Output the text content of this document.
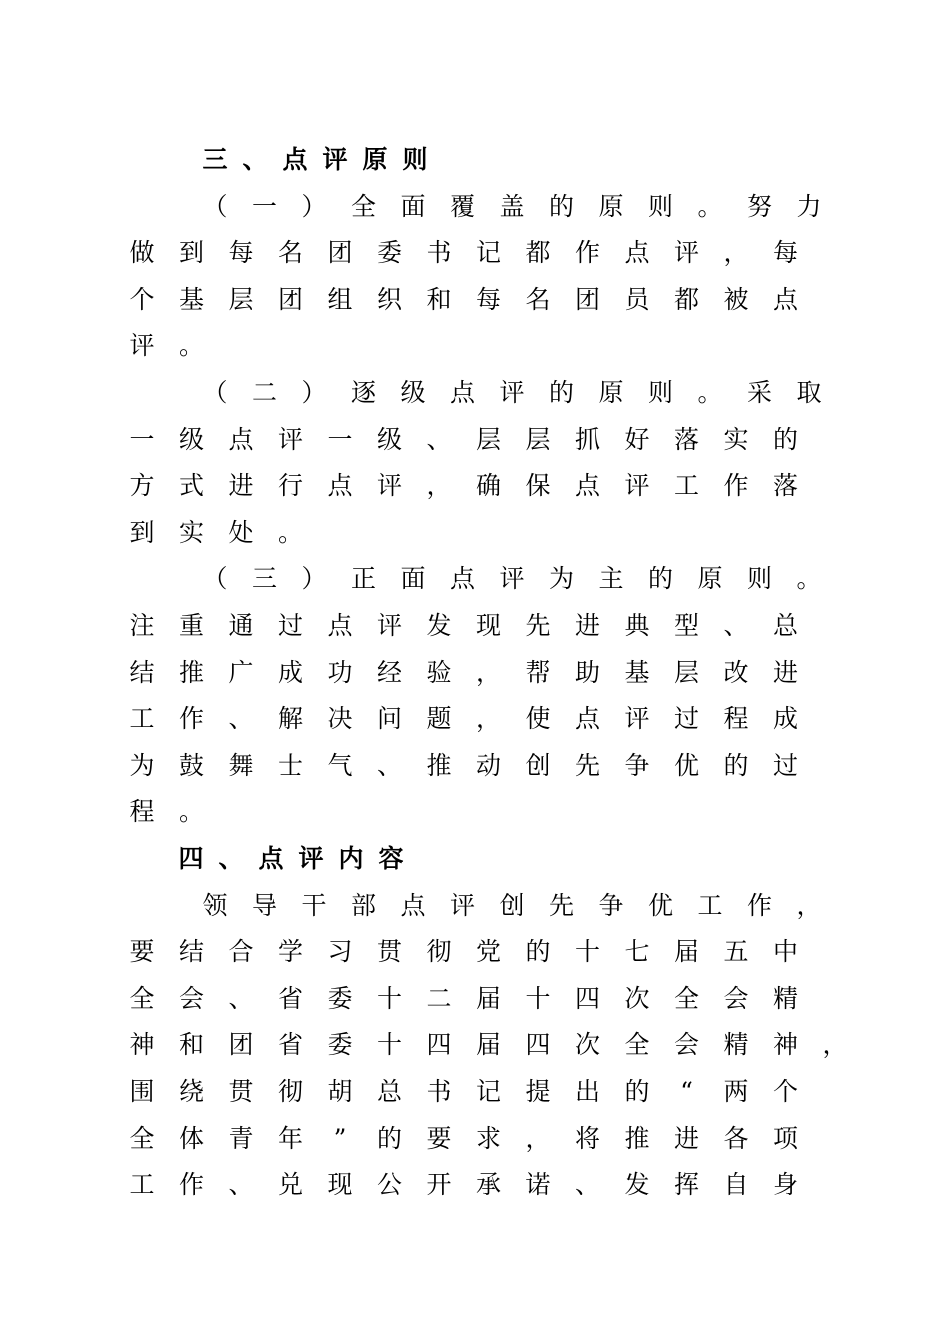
三 、 点 评 原 则
（ 一 ） 全 面 覆 盖 的 原 则 。 努 力
做 到 每 名 团 委 书 记 都 作 点 评 ， 每
个 基 层 团 组 织 和 每 名 团 员 都 被 点
评 。
（ 二 ） 逐 级 点 评 的 原 则 。 采 取
一 级 点 评 一 级 、 层 层 抓 好 落 实 的
方 式 进 行 点 评 ， 确 保 点 评 工 作 落
到 实 处 。
（ 三 ） 正 面 点 评 为 主 的 原 则 。
注 重 通 过 点 评 发 现 先 进 典 型 、 总
结 推 广 成 功 经 验 ， 帮 助 基 层 改 进
工 作 、 解 决 问 题 ， 使 点 评 过 程 成
为 鼓 舞 士 气 、 推 动 创 先 争 优 的 过
程 。
四 、 点 评 内 容
领 导 干 部 点 评 创 先 争 优 工 作 ，
要 结 合 学 习 贯 彻 党 的 十 七 届 五 中
全 会 、 省 委 十 二 届 十 四 次 全 会 精
神 和 团 省 委 十 四 届 四 次 全 会 精 神 ，
围 绕 贯 彻 胡 总 书 记 提 出 的	“	两 个
全 体 青 年	”	的 要 求 ， 将 推 进 各 项
工 作 、 兑 现 公 开 承 诺 、 发 挥 自 身
